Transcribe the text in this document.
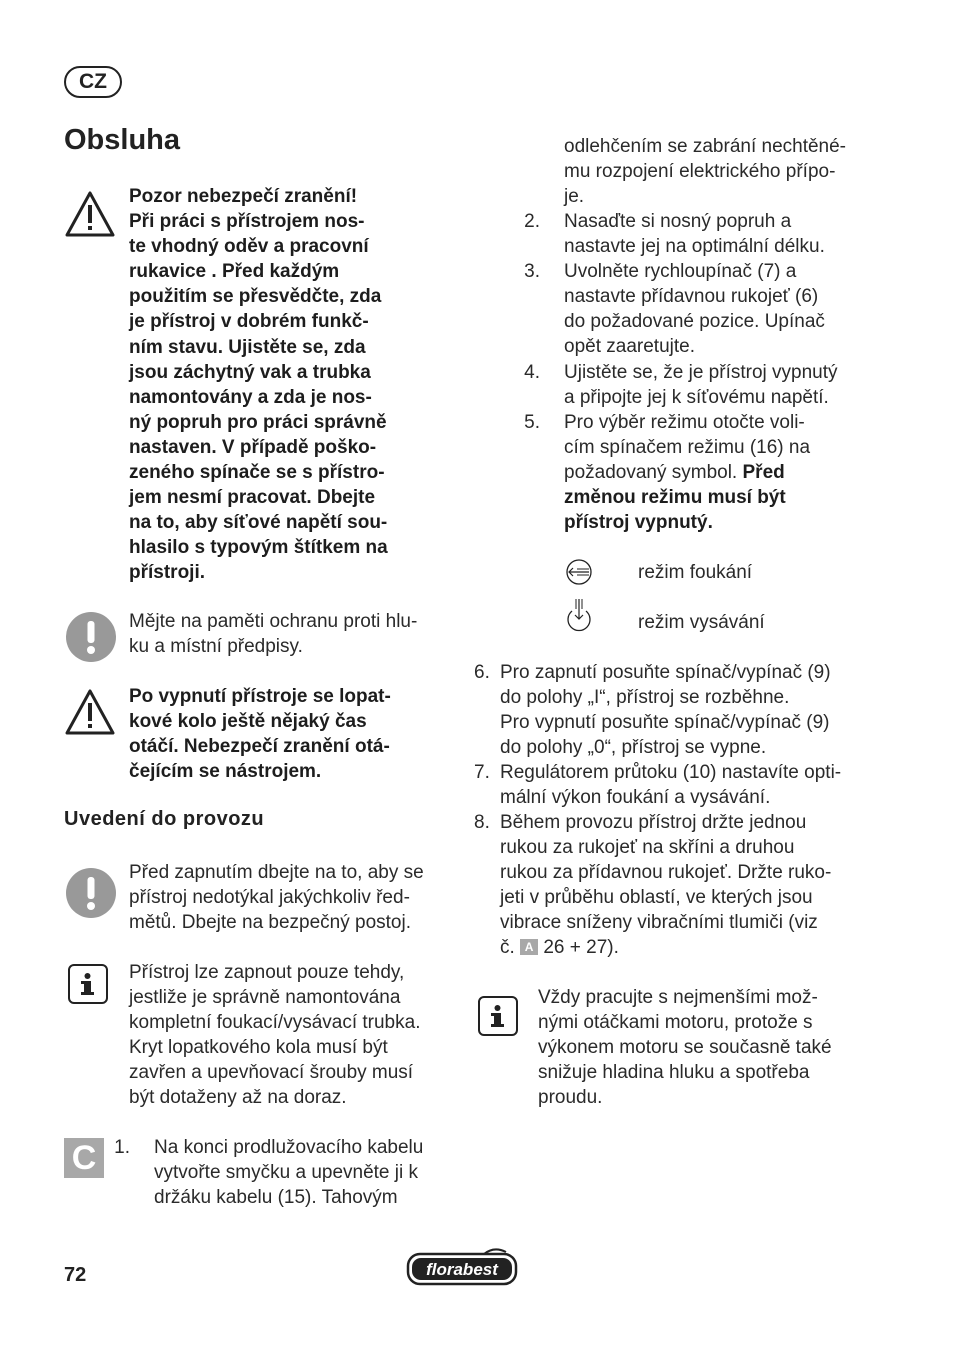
CZ
Obsluha
Pozor nebezpečí zranění!
Při práci s přístrojem nos-
te vhodný oděv a pracovní
rukavice . Před každým
použitím se přesvědčte, zda
je přístroj v dobrém funkč-
ním stavu. Ujistěte se, zda
jsou záchytný vak a trubka
namontovány a zda je nos-
ný popruh pro práci správně
nastaven. V případě poško-
zeného spínače se s přístro-
jem nesmí pracovat. Dbejte
na to, aby síťové napětí sou-
hlasilo s typovým štítkem na
přístroji.
Mějte na paměti ochranu proti hlu-
ku a místní předpisy.
Po vypnutí přístroje se lopat-
kové kolo ještě nějaký čas
otáčí. Nebezpečí zranění otá-
čejícím se nástrojem.
Uvedení do provozu
Před zapnutím dbejte na to, aby se
přístroj nedotýkal jakýchkoliv řed-
mětů. Dbejte na bezpečný postoj.
Přístroj lze zapnout pouze tehdy,
jestliže je správně namontována
kompletní foukací/vysávací trubka.
Kryt lopatkového kola musí být
zavřen a upevňovací šrouby musí
být dotaženy až na doraz.
C 1. Na konci prodlužovacího kabelu
vytvořte smyčku a upevněte ji k
držáku kabelu (15). Tahovým
odlehčením se zabrání nechtěné-
mu rozpojení elektrického přípo-
je.
2. Nasaďte si nosný popruh a
nastavte jej na optimální délku.
3. Uvolněte rychloupínač (7) a
nastavte přídavnou rukojeť (6)
do požadované pozice. Upínač
opět zaaretujte.
4. Ujistěte se, že je přístroj vypnutý
a připojte jej k síťovému napětí.
5. Pro výběr režimu otočte voli-
cím spínačem režimu (16) na
požadovaný symbol. Před
změnou režimu musí být
přístroj vypnutý.
režim foukání
režim vysávání
6. Pro zapnutí posuňte spínač/vypínač (9)
do polohy „I“, přístroj se rozběhne.
Pro vypnutí posuňte spínač/vypínač (9)
do polohy „0“, přístroj se vypne.
7. Regulátorem průtoku (10) nastavíte opti-
mální výkon foukání a vysávání.
8. Během provozu přístroj držte jednou
rukou za rukojeť na skříni a druhou
rukou za přídavnou rukojeť. Držte ruko-
jeti v průběhu oblastí, ve kterých jsou
vibrace sníženy vibračními tlumiči (viz
č. A 26 + 27).
Vždy pracujte s nejmenšími mož-
nými otáčkami motoru, protože s
výkonem motoru se současně také
snižuje hladina hluku a spotřeba
proudu.
72	florabest
